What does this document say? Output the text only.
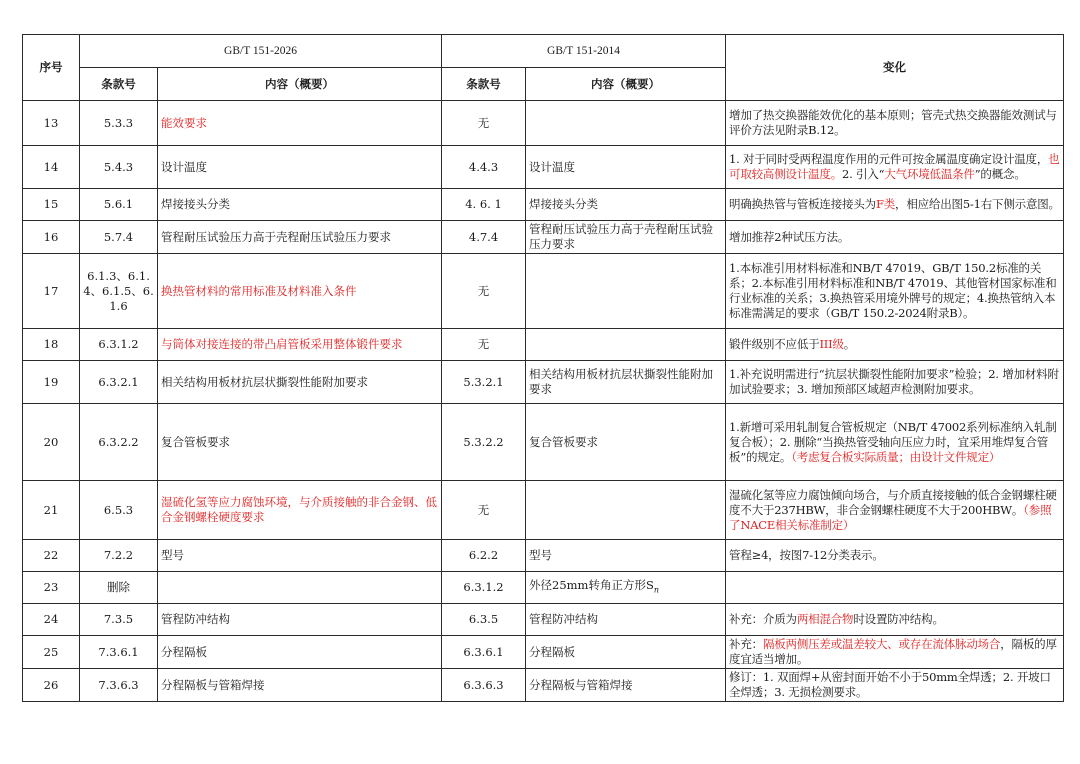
序号	GB/T 151-2026		GB/T 151-2014		变化
	条款号	内容（概要）	条款号	内容（概要）	
13	5.3.3	能效要求	无		增加了热交换器能效优化的基本原则；管壳式热交换器能效测试与评价方法见附录B.12。
14	5.4.3	设计温度	4.4.3	设计温度	1. 对于同时受两程温度作用的元件可按金属温度确定设计温度，也可取较高侧设计温度。2. 引入“大气环境低温条件”的概念。
15	5.6.1	焊接接头分类	4. 6. 1	焊接接头分类	明确换热管与管板连接接头为F类，相应给出图5-1右下侧示意图。
16	5.7.4	管程耐压试验压力高于壳程耐压试验压力要求	4.7.4	管程耐压试验压力高于壳程耐压试验压力要求	增加推荐2种试压方法。
17	6.1.3、6.1.4、6.1.5、6.1.6	换热管材料的常用标准及材料准入条件	无		1.本标准引用材料标准和NB/T 47019、GB/T 150.2标准的关系；2.本标准引用材料标准和NB/T 47019、其他管材国家标准和行业标准的关系；3.换热管采用境外牌号的规定；4.换热管纳入本标准需满足的要求（GB/T 150.2-2024附录B）。
18	6.3.1.2	与筒体对接连接的带凸肩管板采用整体锻件要求	无		锻件级别不应低于III级。
19	6.3.2.1	相关结构用板材抗层状撕裂性能附加要求	5.3.2.1	相关结构用板材抗层状撕裂性能附加要求	1.补充说明需进行“抗层状撕裂性能附加要求”检验；2. 增加材料附加试验要求；3. 增加预部区域超声检测附加要求。
20	6.3.2.2	复合管板要求	5.3.2.2	复合管板要求	1.新增可采用轧制复合管板规定（NB/T 47002系列标准纳入轧制复合板）；2. 删除“当换热管受轴向压应力时，宜采用堆焊复合管板”的规定。（考虑复合板实际质量；由设计文件规定）
21	6.5.3	湿硫化氢等应力腐蚀环境，与介质接触的非合金钢、低合金钢螺栓硬度要求	无		湿硫化氢等应力腐蚀倾向场合，与介质直接接触的低合金钢螺柱硬度不大于237HBW，非合金钢螺柱硬度不大于200HBW。（参照了NACE相关标准制定）
22	7.2.2	型号	6.2.2	型号	管程≥4，按图7-12分类表示。
23	删除		6.3.1.2	外径25mm转角正方形$S_n$	
24	7.3.5	管程防冲结构	6.3.5	管程防冲结构	补充：介质为两相混合物时设置防冲结构。
25	7.3.6.1	分程隔板	6.3.6.1	分程隔板	补充：隔板两侧压差或温差较大、或存在流体脉动场合，隔板的厚度宜适当增加。
26	7.3.6.3	分程隔板与管箱焊接	6.3.6.3	分程隔板与管箱焊接	修订：1. 双面焊+从密封面开始不小于50mm全焊透；2. 开坡口全焊透；3. 无损检测要求。
